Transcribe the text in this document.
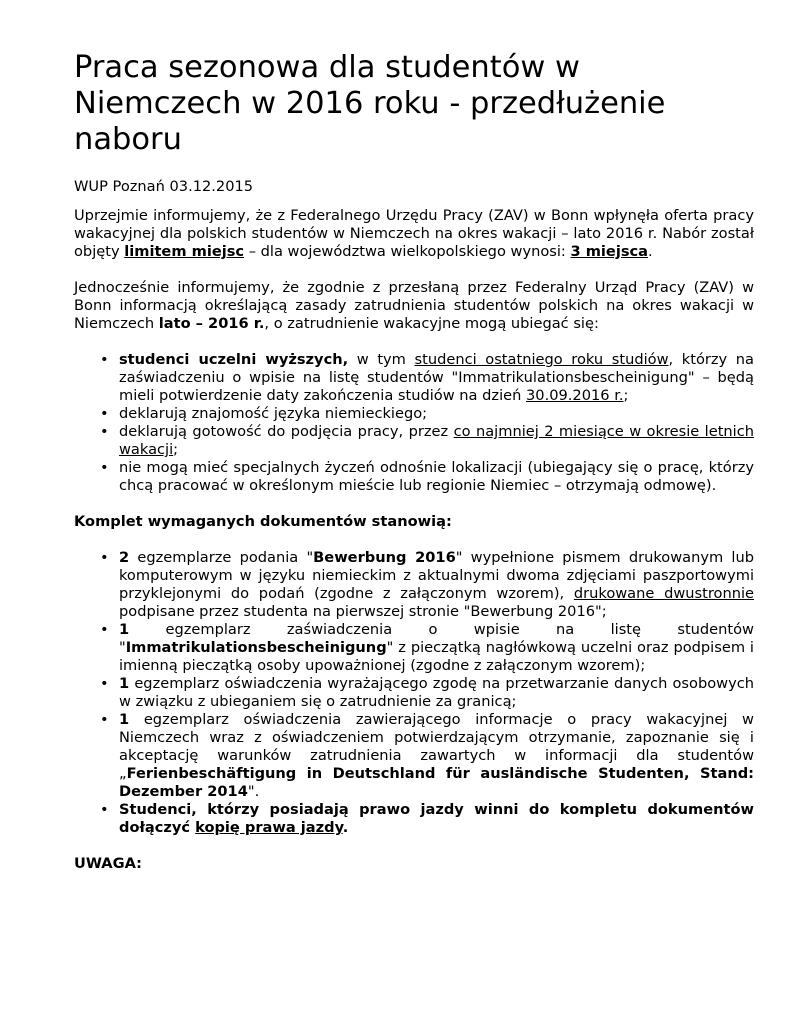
Praca sezonowa dla studentów w Niemczech w 2016 roku - przedłużenie naboru

WUP Poznań 03.12.2015

Uprzejmie informujemy, że z Federalnego Urzędu Pracy (ZAV) w Bonn wpłynęła oferta pracy wakacyjnej dla polskich studentów w Niemczech na okres wakacji – lato 2016 r. Nabór został objęty limitem miejsc – dla województwa wielkopolskiego wynosi: 3 miejsca.

Jednocześnie informujemy, że zgodnie z przesłaną przez Federalny Urząd Pracy (ZAV) w Bonn informacją określającą zasady zatrudnienia studentów polskich na okres wakacji w Niemczech lato – 2016 r., o zatrudnienie wakacyjne mogą ubiegać się:

• studenci uczelni wyższych, w tym studenci ostatniego roku studiów, którzy na zaświadczeniu o wpisie na listę studentów "Immatrikulationsbescheinigung" – będą mieli potwierdzenie daty zakończenia studiów na dzień 30.09.2016 r.;
• deklarują znajomość języka niemieckiego;
• deklarują gotowość do podjęcia pracy, przez co najmniej 2 miesiące w okresie letnich wakacji;
• nie mogą mieć specjalnych życzeń odnośnie lokalizacji (ubiegający się o pracę, którzy chcą pracować w określonym mieście lub regionie Niemiec – otrzymają odmowę).

Komplet wymaganych dokumentów stanowią:

• 2 egzemplarze podania "Bewerbung 2016" wypełnione pismem drukowanym lub komputerowym w języku niemieckim z aktualnymi dwoma zdjęciami paszportowymi przyklejonymi do podań (zgodne z załączonym wzorem), drukowane dwustronnie podpisane przez studenta na pierwszej stronie "Bewerbung 2016";
• 1 egzemplarz zaświadczenia o wpisie na listę studentów "Immatrikulationsbescheinigung" z pieczątką nagłówkową uczelni oraz podpisem i imienną pieczątką osoby upoważnionej (zgodne z załączonym wzorem);
• 1 egzemplarz oświadczenia wyrażającego zgodę na przetwarzanie danych osobowych w związku z ubieganiem się o zatrudnienie za granicą;
• 1 egzemplarz oświadczenia zawierającego informacje o pracy wakacyjnej w Niemczech wraz z oświadczeniem potwierdzającym otrzymanie, zapoznanie się i akceptację warunków zatrudnienia zawartych w informacji dla studentów „Ferienbeschäftigung in Deutschland für ausländische Studenten, Stand: Dezember 2014".
• Studenci, którzy posiadają prawo jazdy winni do kompletu dokumentów dołączyć kopię prawa jazdy.

UWAGA:
